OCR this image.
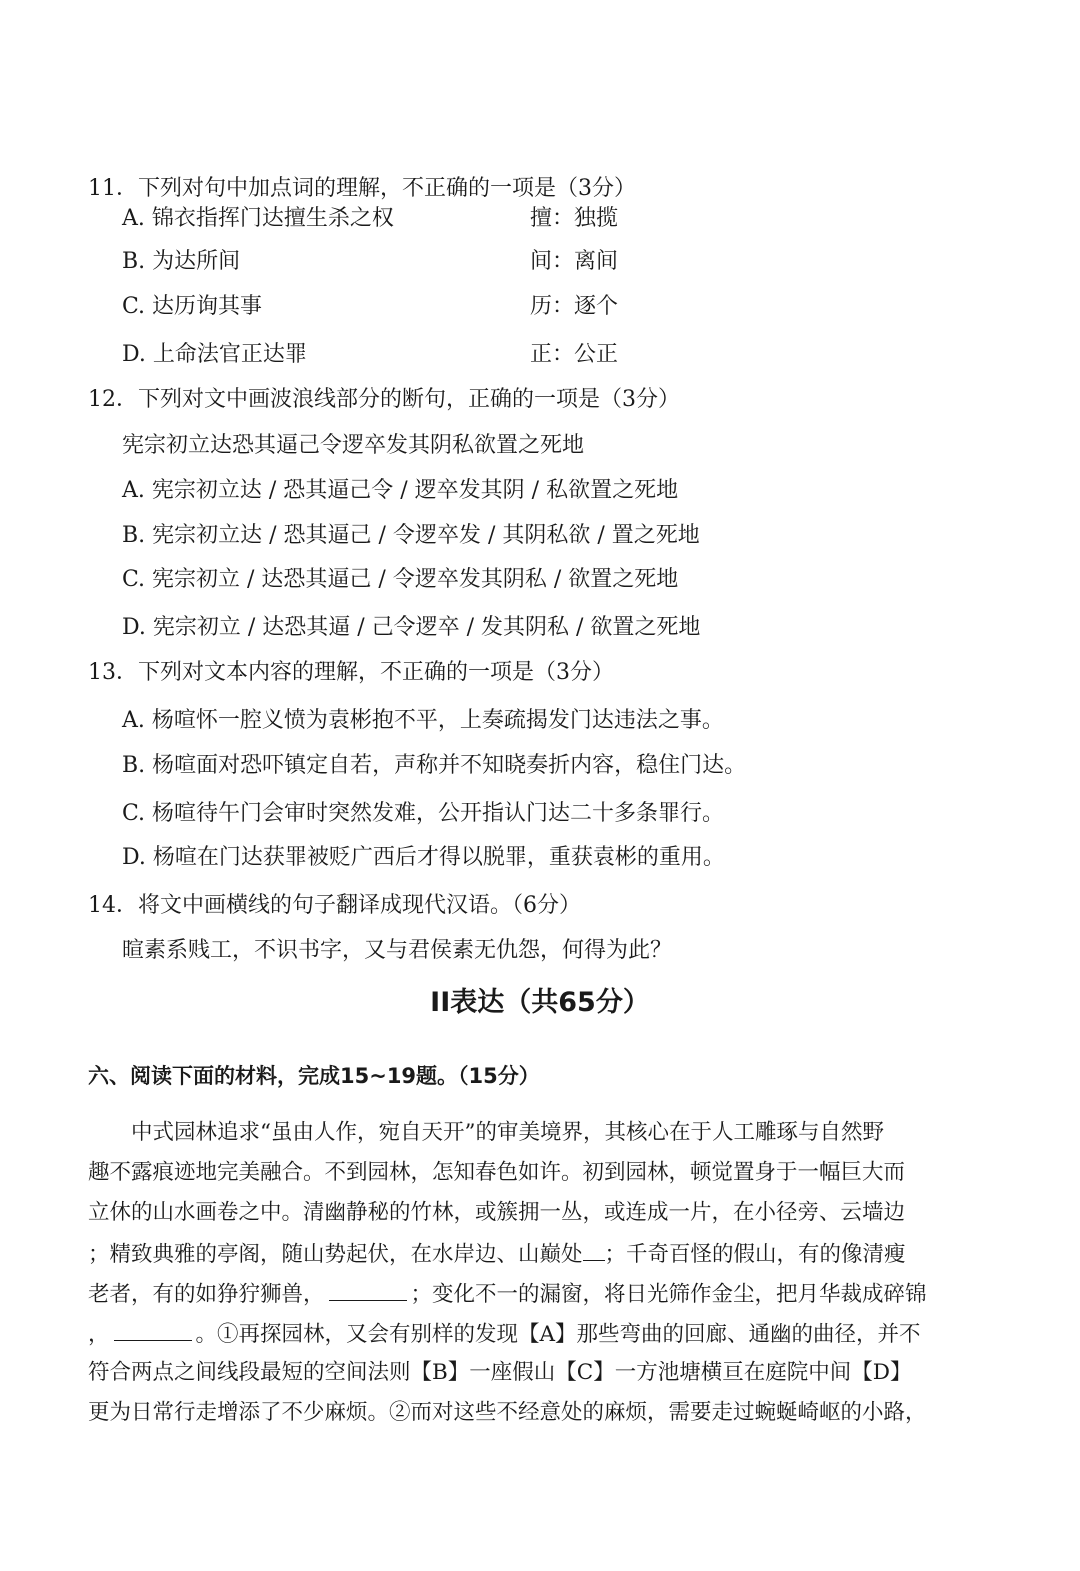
11．下列对句中加点词的理解，不正确的一项是（3分）
A. 锦衣指挥门达擅生杀之权	擅：独揽
B. 为达所间	间：离间
C. 达历询其事	历：逐个
D. 上命法官正达罪	正：公正
12．下列对文中画波浪线部分的断句，正确的一项是（3分）
宪宗初立达恐其逼己令逻卒发其阴私欲置之死地
A. 宪宗初立达 / 恐其逼己令 / 逻卒发其阴 / 私欲置之死地
B. 宪宗初立达 / 恐其逼己 / 令逻卒发 / 其阴私欲 / 置之死地
C. 宪宗初立 / 达恐其逼己 / 令逻卒发其阴私 / 欲置之死地
D. 宪宗初立 / 达恐其逼 / 己令逻卒 / 发其阴私 / 欲置之死地
13．下列对文本内容的理解，不正确的一项是（3分）
A. 杨喧怀一腔义愤为袁彬抱不平，上奏疏揭发门达违法之事。
B. 杨喧面对恐吓镇定自若，声称并不知晓奏折内容，稳住门达。
C. 杨喧待午门会审时突然发难，公开指认门达二十多条罪行。
D. 杨喧在门达获罪被贬广西后才得以脱罪，重获袁彬的重用。
14．将文中画横线的句子翻译成现代汉语。（6分）
暄素系贱工，不识书字，又与君侯素无仇怨，何得为此？
II表达（共65分）
六、阅读下面的材料，完成15~19题。（15分）
　　中式园林追求“虽由人作，宛自天开”的审美境界，其核心在于人工雕琢与自然野
趣不露痕迹地完美融合。不到园林，怎知春色如许。初到园林，顿觉置身于一幅巨大而
立休的山水画卷之中。清幽静秘的竹林，或簇拥一丛，或连成一片，在小径旁、云墙边
；精致典雅的亭阁，随山势起伏，在水岸边、山巅处 ；千奇百怪的假山，有的像清瘦
老者，有的如狰狞狮兽，	；变化不一的漏窗，将日光筛作金尘，把月华裁成碎锦
，	。①再探园林，又会有别样的发现【A】那些弯曲的回廊、通幽的曲径，并不
符合两点之间线段最短的空间法则【B】一座假山【C】一方池塘横亘在庭院中间【D】
更为日常行走增添了不少麻烦。②而对这些不经意处的麻烦，需要走过蜿蜒崎岖的小路，
